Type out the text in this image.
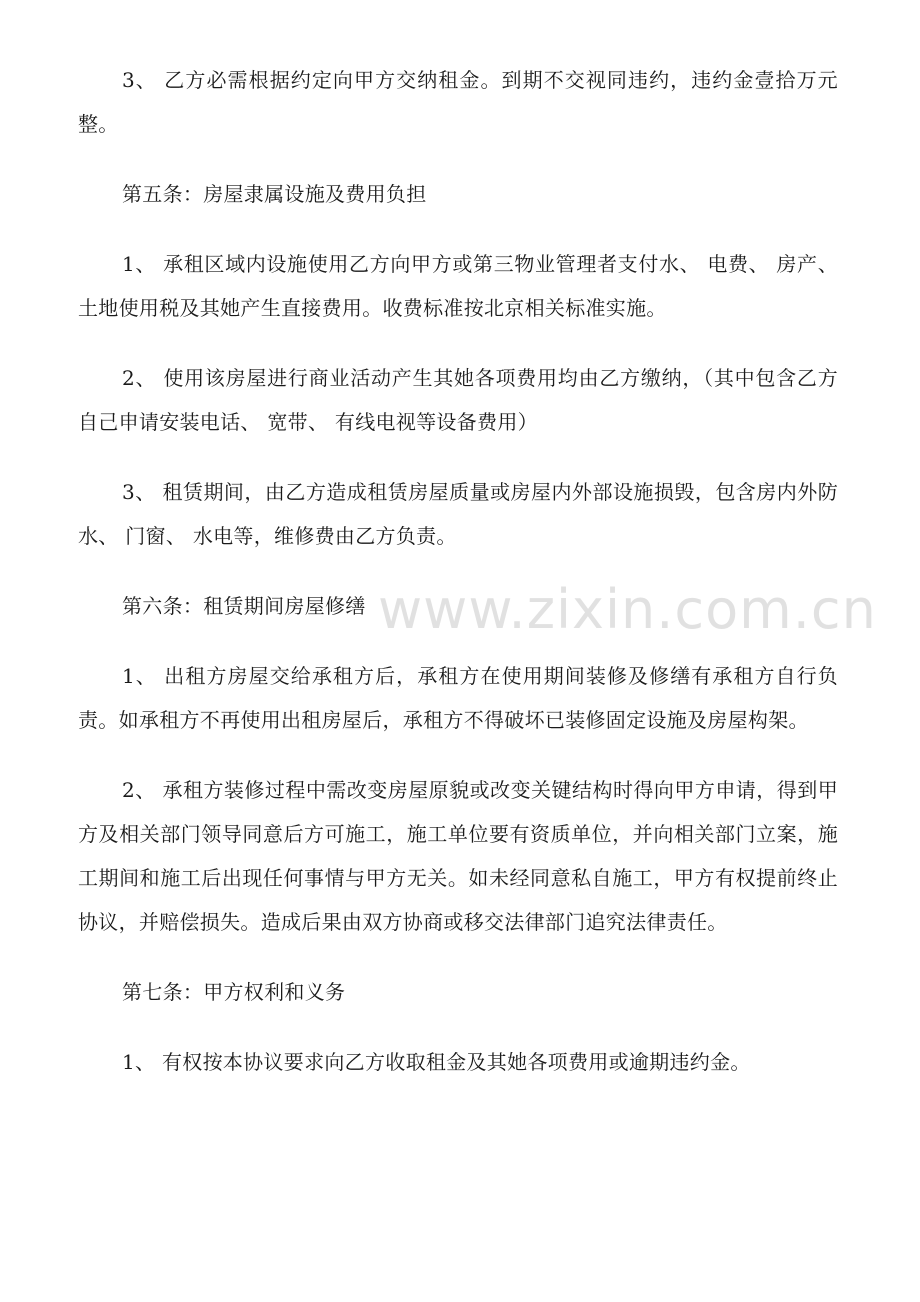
3、 乙方必需根据约定向甲方交纳租金。到期不交视同违约，违约金壹拾万元整。

第五条：房屋隶属设施及费用负担

1、 承租区域内设施使用乙方向甲方或第三物业管理者支付水、 电费、 房产、 土地使用税及其她产生直接费用。收费标准按北京相关标准实施。

2、 使用该房屋进行商业活动产生其她各项费用均由乙方缴纳，（其中包含乙方自己申请安装电话、 宽带、 有线电视等设备费用）

3、 租赁期间，由乙方造成租赁房屋质量或房屋内外部设施损毁，包含房内外防水、 门窗、 水电等，维修费由乙方负责。

第六条：租赁期间房屋修缮

1、 出租方房屋交给承租方后，承租方在使用期间装修及修缮有承租方自行负责。如承租方不再使用出租房屋后，承租方不得破坏已装修固定设施及房屋构架。

2、 承租方装修过程中需改变房屋原貌或改变关键结构时得向甲方申请，得到甲方及相关部门领导同意后方可施工，施工单位要有资质单位，并向相关部门立案，施工期间和施工后出现任何事情与甲方无关。如未经同意私自施工，甲方有权提前终止协议，并赔偿损失。造成后果由双方协商或移交法律部门追究法律责任。

第七条：甲方权利和义务

1、 有权按本协议要求向乙方收取租金及其她各项费用或逾期违约金。

www.zixin.com.cn
